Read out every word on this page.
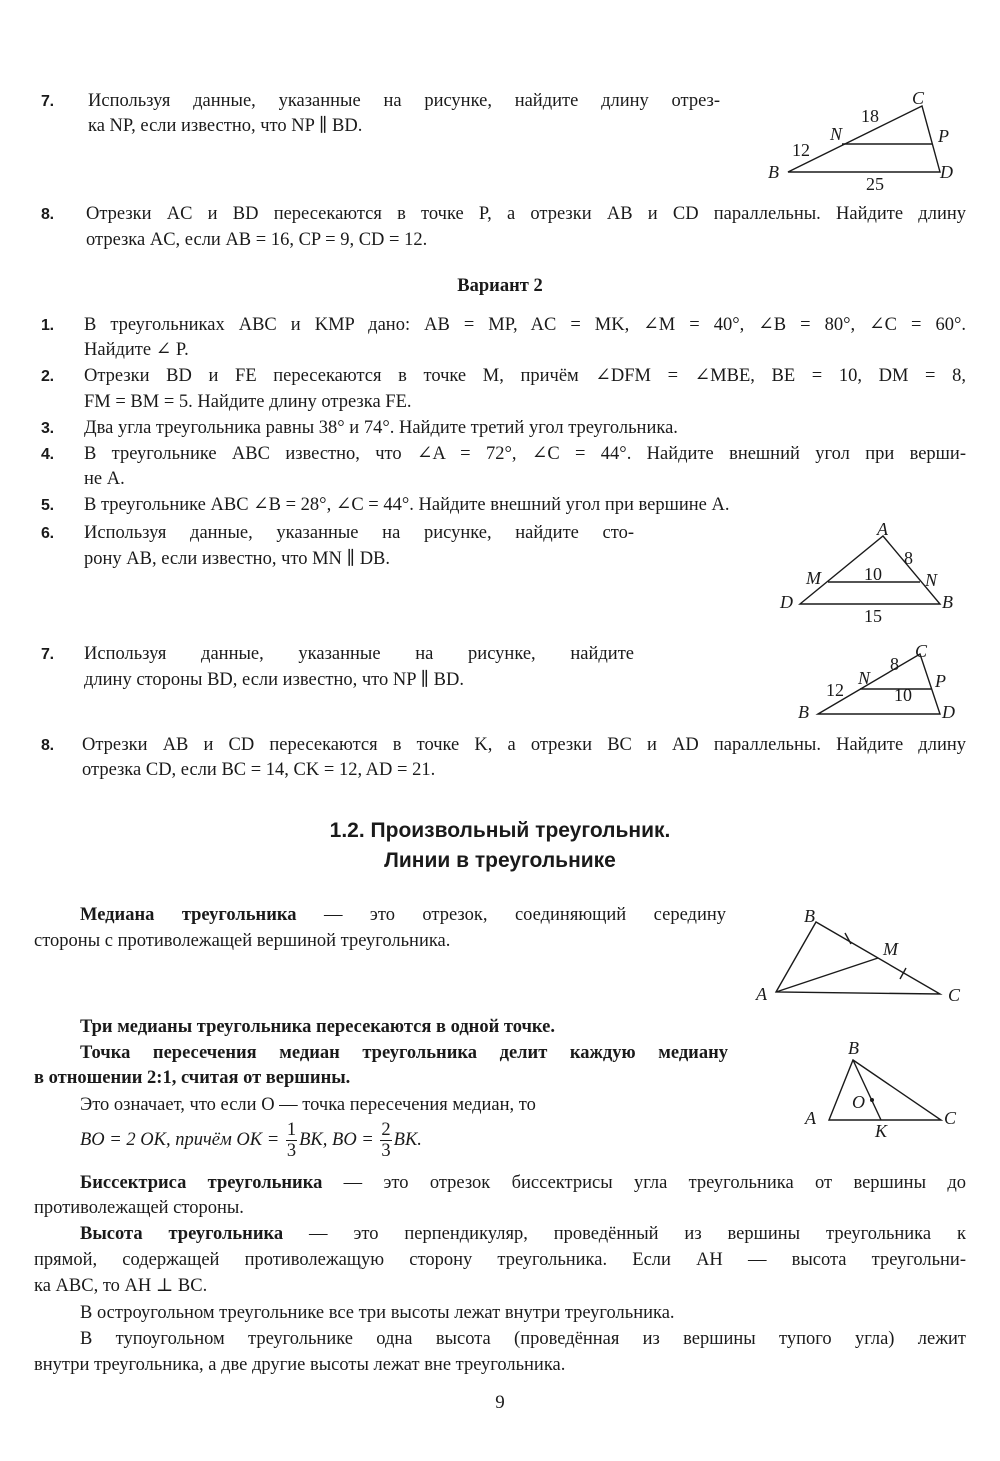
7. Используя данные, указанные на рисунке, найдите длину отрез-
ка NP, если известно, что NP ∥ BD.
C
P
N
B	D
18
12
25
8. Отрезки AC и BD пересекаются в точке P, а отрезки AB и CD параллельны. Найдите длину
отрезка AC, если AB = 16, CP = 9, CD = 12.
Вариант 2
1. В треугольниках ABC и KMP дано: AB = MP, AC = MK, ∠M = 40°, ∠B = 80°, ∠C = 60°.
Найдите ∠ P.
2. Отрезки BD и FE пересекаются в точке M, причём ∠DFM = ∠MBE, BE = 10, DM = 8,
FM = BM = 5. Найдите длину отрезка FE.
3. Два угла треугольника равны 38° и 74°. Найдите третий угол треугольника.
4. В треугольнике ABC известно, что ∠A = 72°, ∠C = 44°. Найдите внешний угол при верши-
не A.
5. В треугольнике ABC ∠B = 28°, ∠C = 44°. Найдите внешний угол при вершине A.
6. Используя данные, указанные на рисунке, найдите сто-
рону AB, если известно, что MN ∥ DB.
A
M	N
D	B
8
10
15
7. Используя данные, указанные на рисунке, найдите
длину стороны BD, если известно, что NP ∥ BD.
C
N	P
B	D
8
12	10
8. Отрезки AB и CD пересекаются в точке K, а отрезки BC и AD параллельны. Найдите длину
отрезка CD, если BC = 14, CK = 12, AD = 21.
1.2. Произвольный треугольник.
Линии в треугольнике
Медиана треугольника — это отрезок, соединяющий середину
стороны с противолежащей вершиной треугольника.
B
M
A	C
Три медианы треугольника пересекаются в одной точке.
Точка пересечения медиан треугольника делит каждую медиану
в отношении 2:1, считая от вершины.
Это означает, что если O — точка пересечения медиан, то
BO = 2 OK, причём OK = $\frac{1}{3}$ BK, BO = $\frac{2}{3}$ BK.
B
O
A	C
K
Биссектриса треугольника — это отрезок биссектрисы угла треугольника от вершины до
противолежащей стороны.
Высота треугольника — это перпендикуляр, проведённый из вершины треугольника к
прямой, содержащей противолежащую сторону треугольника. Если AH — высота треугольни-
ка ABC, то AH ⊥ BC.
В остроугольном треугольнике все три высоты лежат внутри треугольника.
В тупоугольном треугольнике одна высота (проведённая из вершины тупого угла) лежит
внутри треугольника, а две другие высоты лежат вне треугольника.
9
